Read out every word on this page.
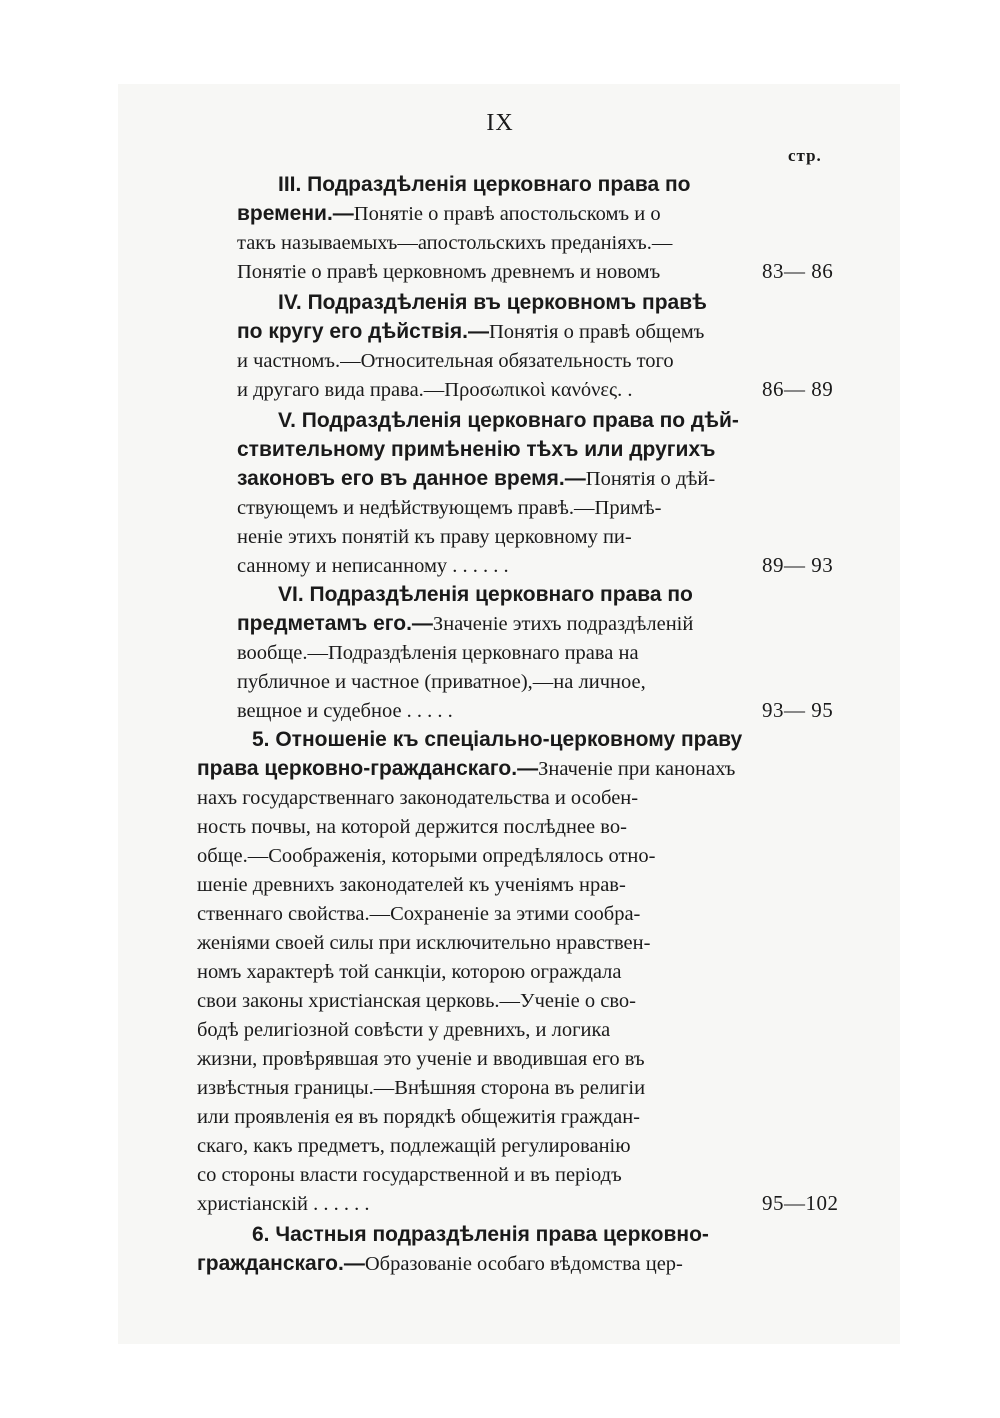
IX
стр.
III. Подраздѣленія церковнаго права по
времени.—Понятіе о правѣ апостольскомъ и о
такъ называемыхъ—апостольскихъ преданіяхъ.—
Понятіе о правѣ церковномъ древнемъ и новомъ
IV. Подраздѣленія въ церковномъ правѣ
по кругу его дѣйствія.—Понятія о правѣ общемъ
и частномъ.—Относительная обязательность того
и другаго вида права.—Προσωπικοὶ κανόνες. .
V. Подраздѣленія церковнаго права по дѣй-
ствительному примѣненію тѣхъ или другихъ
законовъ его въ данное время.—Понятія о дѣй-
ствующемъ и недѣйствующемъ правѣ.—Примѣ-
неніе этихъ понятій къ праву церковному пи-
санному и неписанному . . . . . .
VI. Подраздѣленія церковнаго права по
предметамъ его.—Значеніе этихъ подраздѣленій
вообще.—Подраздѣленія церковнаго права на
публичное и частное (приватное),—на личное,
вещное и судебное . . . . .
5. Отношеніе къ спеціально-церковному праву
права церковно-гражданскаго.—Значеніе при канонахъ
нахъ государственнаго законодательства и особен-
ность почвы, на которой держится послѣднее во-
обще.—Соображенія, которыми опредѣлялось отно-
шеніе древнихъ законодателей къ ученіямъ нрав-
ственнаго свойства.—Сохраненіе за этими сообра-
женіями своей силы при исключительно нравствен-
номъ характерѣ той санкціи, которою ограждала
свои законы христіанская церковь.—Ученіе о сво-
бодѣ религіозной совѣсти у древнихъ, и логика
жизни, провѣрявшая это ученіе и вводившая его въ
извѣстныя границы.—Внѣшняя сторона въ религіи
или проявленія ея въ порядкѣ общежитія граждан-
скаго, какъ предметъ, подлежащій регулированію
со стороны власти государственной и въ періодъ
христіанскій . . . . . .
6. Частныя подраздѣленія права церковно-
гражданскаго.—Образованіе особаго вѣдомства цер-
83— 86
86— 89
89— 93
93— 95
95—102
